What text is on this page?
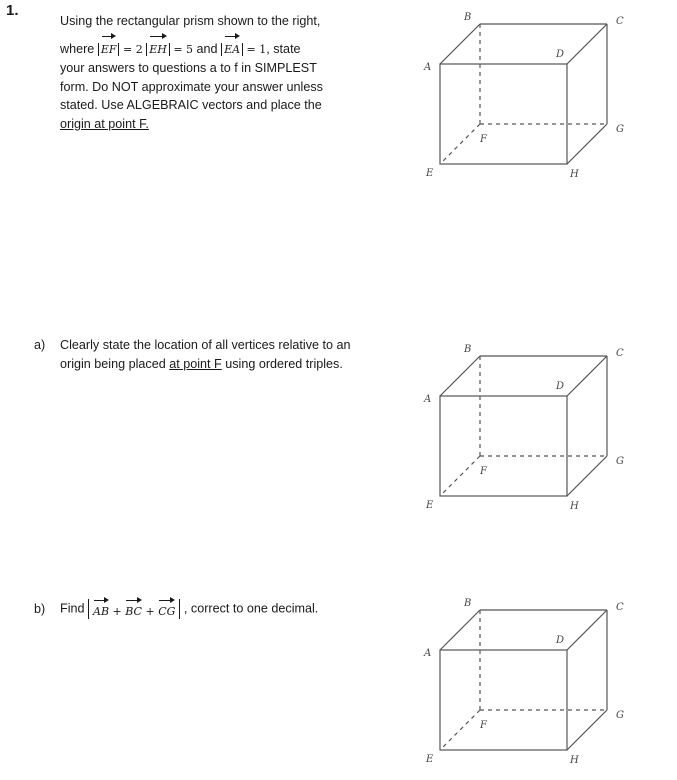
1.

Using the rectangular prism shown to the right,

where EF = 2 EH = 5 and EA = 1, state

your answers to questions a to f in SIMPLEST

form. Do NOT approximate your answer unless

stated. Use ALGEBRAIC vectors and place the

origin at point F.

a) Clearly state the location of all vertices relative to an origin being placed at point F using ordered triples.
b) Find AB + BC + CG , correct to one decimal.
B	C
D
A
F
G
E	H
B	C
D
A
F
G
E	H
B	C
D
A
F
G
E	H
